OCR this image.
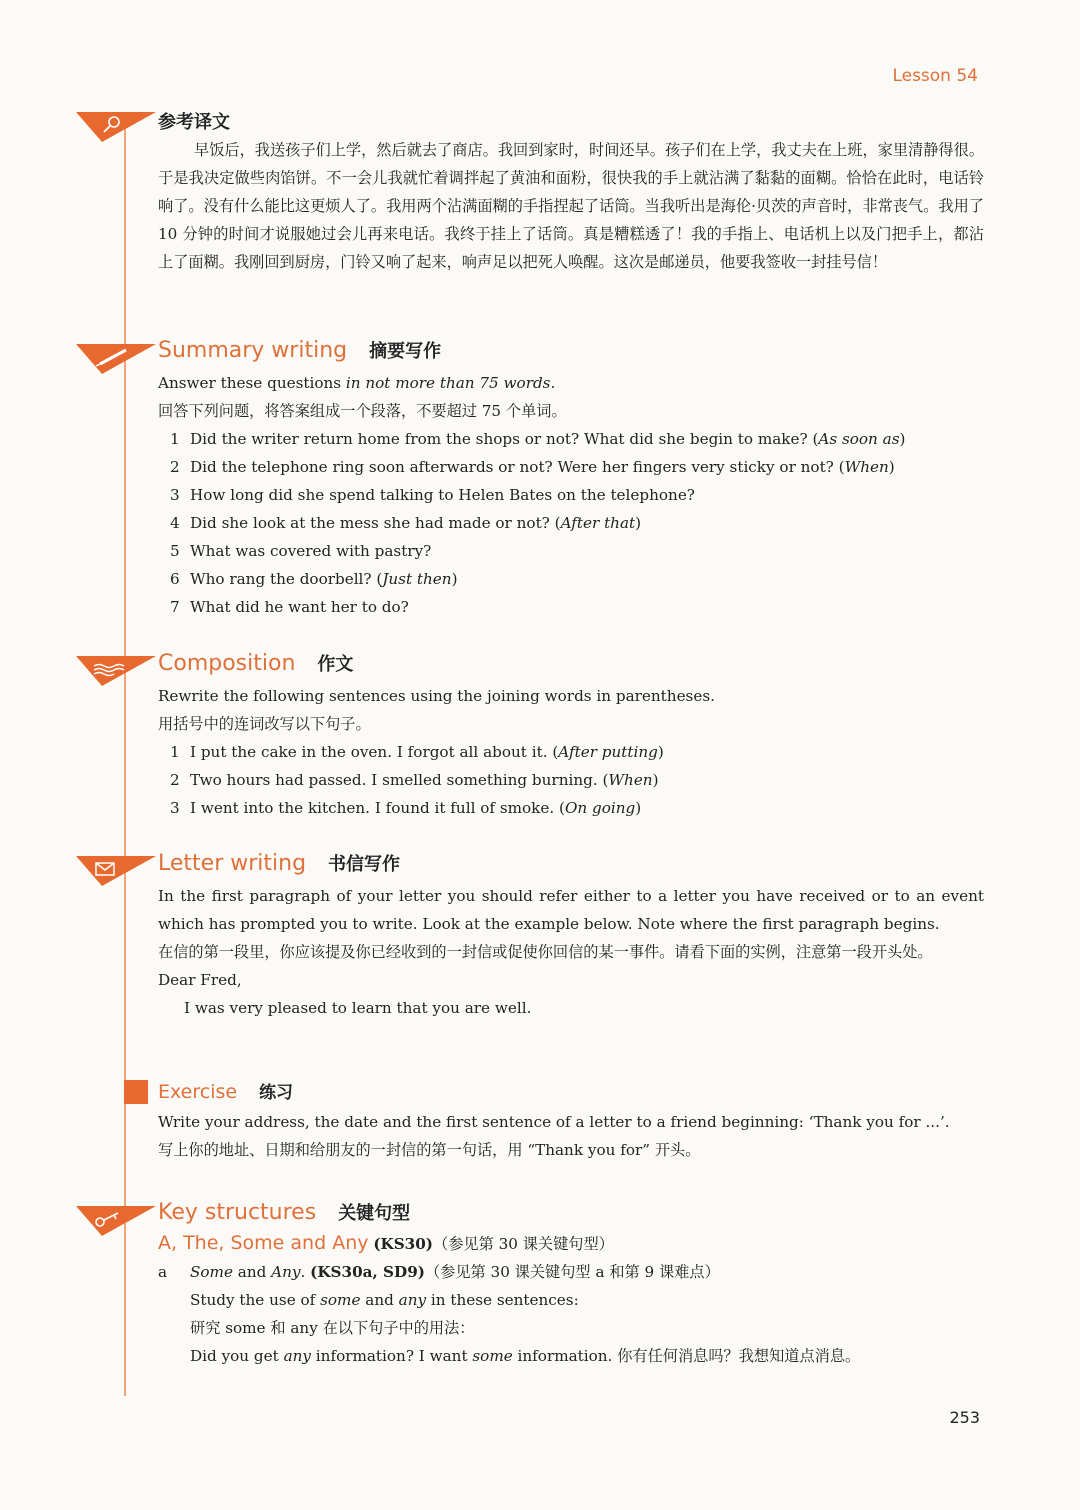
Lesson 54
参考译文
早饭后，我送孩子们上学，然后就去了商店。我回到家时，时间还早。孩子们在上学，我丈夫在上班，家里清静得很。于是我决定做些肉馅饼。不一会儿我就忙着调拌起了黄油和面粉，很快我的手上就沾满了黏黏的面糊。恰恰在此时，电话铃响了。没有什么能比这更烦人了。我用两个沾满面糊的手指捏起了话筒。当我听出是海伦·贝茨的声音时，非常丧气。我用了 10 分钟的时间才说服她过会儿再来电话。我终于挂上了话筒。真是糟糕透了！我的手指上、电话机上以及门把手上，都沾上了面糊。我刚回到厨房，门铃又响了起来，响声足以把死人唤醒。这次是邮递员，他要我签收一封挂号信！
Summary writing 摘要写作
Answer these questions in not more than 75 words.
回答下列问题，将答案组成一个段落，不要超过 75 个单词。
1 Did the writer return home from the shops or not? What did she begin to make? (As soon as)
2 Did the telephone ring soon afterwards or not? Were her fingers very sticky or not? (When)
3 How long did she spend talking to Helen Bates on the telephone?
4 Did she look at the mess she had made or not? (After that)
5 What was covered with pastry?
6 Who rang the doorbell? (Just then)
7 What did he want her to do?
Composition 作文
Rewrite the following sentences using the joining words in parentheses.
用括号中的连词改写以下句子。
1 I put the cake in the oven. I forgot all about it. (After putting)
2 Two hours had passed. I smelled something burning. (When)
3 I went into the kitchen. I found it full of smoke. (On going)
Letter writing 书信写作
In the first paragraph of your letter you should refer either to a letter you have received or to an event which has prompted you to write. Look at the example below. Note where the first paragraph begins.
在信的第一段里，你应该提及你已经收到的一封信或促使你回信的某一事件。请看下面的实例，注意第一段开头处。
Dear Fred,
I was very pleased to learn that you are well.
Exercise 练习
Write your address, the date and the first sentence of a letter to a friend beginning: ‘Thank you for ...’.
写上你的地址、日期和给朋友的一封信的第一句话，用 “Thank you for” 开头。
Key structures 关键句型
A, The, Some and Any (KS30)（参见第 30 课关键句型）
a	Some and Any. (KS30a, SD9)（参见第 30 课关键句型 a 和第 9 课难点）
Study the use of some and any in these sentences:
研究 some 和 any 在以下句子中的用法：
Did you get any information? I want some information. 你有任何消息吗？我想知道点消息。
253
